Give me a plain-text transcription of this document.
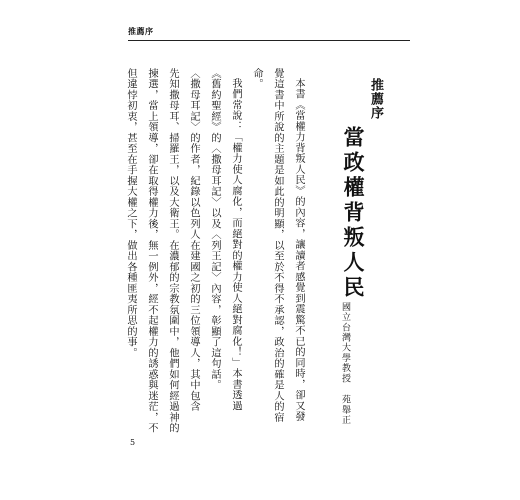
推薦序
推薦序
當政權背叛人民
國立台灣大學教授 苑舉正
本書《當權力背叛人民》的內容，讓讀者感覺到震驚不已的同時，卻又發
覺這書中所說的主題是如此的明顯，以至於不得不承認，政治的確是人的宿
命。
我們常說：「權力使人腐化，而絕對的權力使人絕對腐化！」本書透過
《舊約聖經》的〈撒母耳記〉以及〈列王記〉內容，彰顯了這句話。
〈撒母耳記〉的作者，紀錄以色列人在建國之初的三位領導人，其中包含
先知撒母耳、掃羅王，以及大衛王。在濃郁的宗教氛圍中，他們如何經過神的
揀選，當上領導，卻在取得權力後，無一例外，經不起權力的誘惑與迷茫，不
但違悖初衷，甚至在手握大權之下，做出各種匪夷所思的事。
5
